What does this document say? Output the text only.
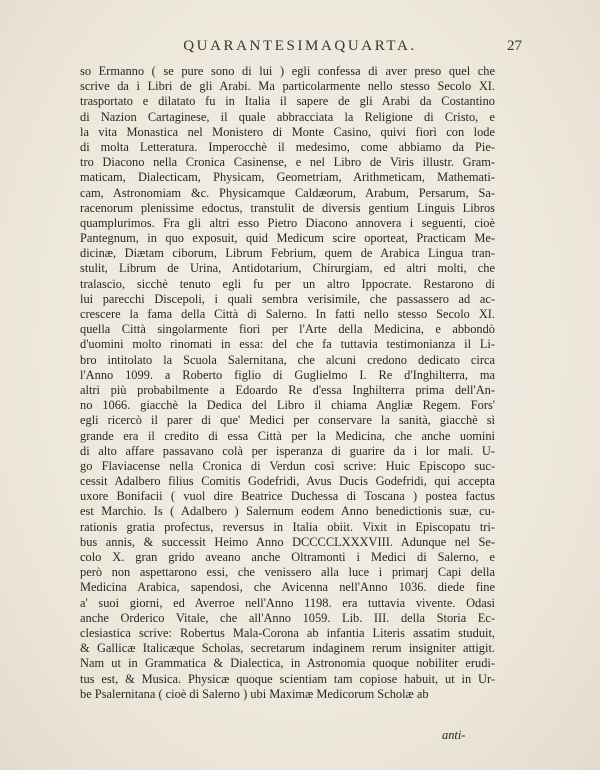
QUARANTESIMAQUARTA.	27
so Ermanno ( se pure sono di lui ) egli confessa di aver preso quel che
scrive da i Libri de gli Arabi. Ma particolarmente nello stesso Secolo XI.
trasportato e dilatato fu in Italia il sapere de gli Arabi da Costantino
di Nazion Cartaginese, il quale abbracciata la Religione di Cristo, e
la vita Monastica nel Monistero di Monte Casino, quivi fiorì con lode
di molta Letteratura. Imperocchè il medesimo, come abbiamo da Pie-
tro Diacono nella Cronica Casinense, e nel Libro de Viris illustr. Gram-
maticam, Dialecticam, Physicam, Geometriam, Arithmeticam, Mathemati-
cam, Astronomiam &c. Physicamque Caldæorum, Arabum, Persarum, Sa-
racenorum plenissime edoctus, transtulit de diversis gentium Linguis Libros
quamplurimos. Fra gli altri esso Pietro Diacono annovera i seguenti, cioè
Pantegnum, in quo exposuit, quid Medicum scire oporteat, Practicam Me-
dicinæ, Diætam ciborum, Librum Febrium, quem de Arabica Lingua tran-
stulit, Librum de Urina, Antidotarium, Chirurgiam, ed altri molti, che
tralascio, sicchè tenuto egli fu per un altro Ippocrate. Restarono di
lui parecchi Discepoli, i quali sembra verisimile, che passassero ad ac-
crescere la fama della Città di Salerno. In fatti nello stesso Secolo XI.
quella Città singolarmente fiorì per l'Arte della Medicina, e abbondò
d'uomini molto rinomati in essa: del che fa tuttavia testimonianza il Li-
bro intitolato la Scuola Salernitana, che alcuni credono dedicato circa
l'Anno 1099. a Roberto figlio di Guglielmo I. Re d'Inghilterra, ma
altri più probabilmente a Edoardo Re d'essa Inghilterra prima dell'An-
no 1066. giacchè la Dedica del Libro il chiama Angliæ Regem. Fors'
egli ricercò il parer di que' Medici per conservare la sanità, giacchè sì
grande era il credito di essa Città per la Medicina, che anche uomini
di alto affare passavano colà per isperanza di guarire da i lor mali. U-
go Flaviacense nella Cronica di Verdun così scrive: Huic Episcopo suc-
cessit Adalbero filius Comitis Godefridi, Avus Ducis Godefridi, qui accepta
uxore Bonifacii ( vuol dire Beatrice Duchessa di Toscana ) postea factus
est Marchio. Is ( Adalbero ) Salernum eodem Anno benedictionis suæ, cu-
rationis gratia profectus, reversus in Italia obiit. Vixit in Episcopatu tri-
bus annis, & successit Heimo Anno DCCCCLXXXVIII. Adunque nel Se-
colo X. gran grido aveano anche Oltramonti i Medici di Salerno, e
però non aspettarono essi, che venissero alla luce i primarj Capi della
Medicina Arabica, sapendosi, che Avicenna nell'Anno 1036. diede fine
a' suoi giorni, ed Averroe nell'Anno 1198. era tuttavia vivente. Odasi
anche Orderico Vitale, che all'Anno 1059. Lib. III. della Storia Ec-
clesiastica scrive: Robertus Mala-Corona ab infantia Literis assatim studuit,
& Gallicæ Italicæque Scholas, secretarum indaginem rerum insigniter attigit.
Nam ut in Grammatica & Dialectica, in Astronomia quoque nobiliter erudi-
tus est, & Musica. Physicæ quoque scientiam tam copiose habuit, ut in Ur-
be Psalernitana ( cioè di Salerno ) ubi Maximæ Medicorum Scholæ ab
anti-
